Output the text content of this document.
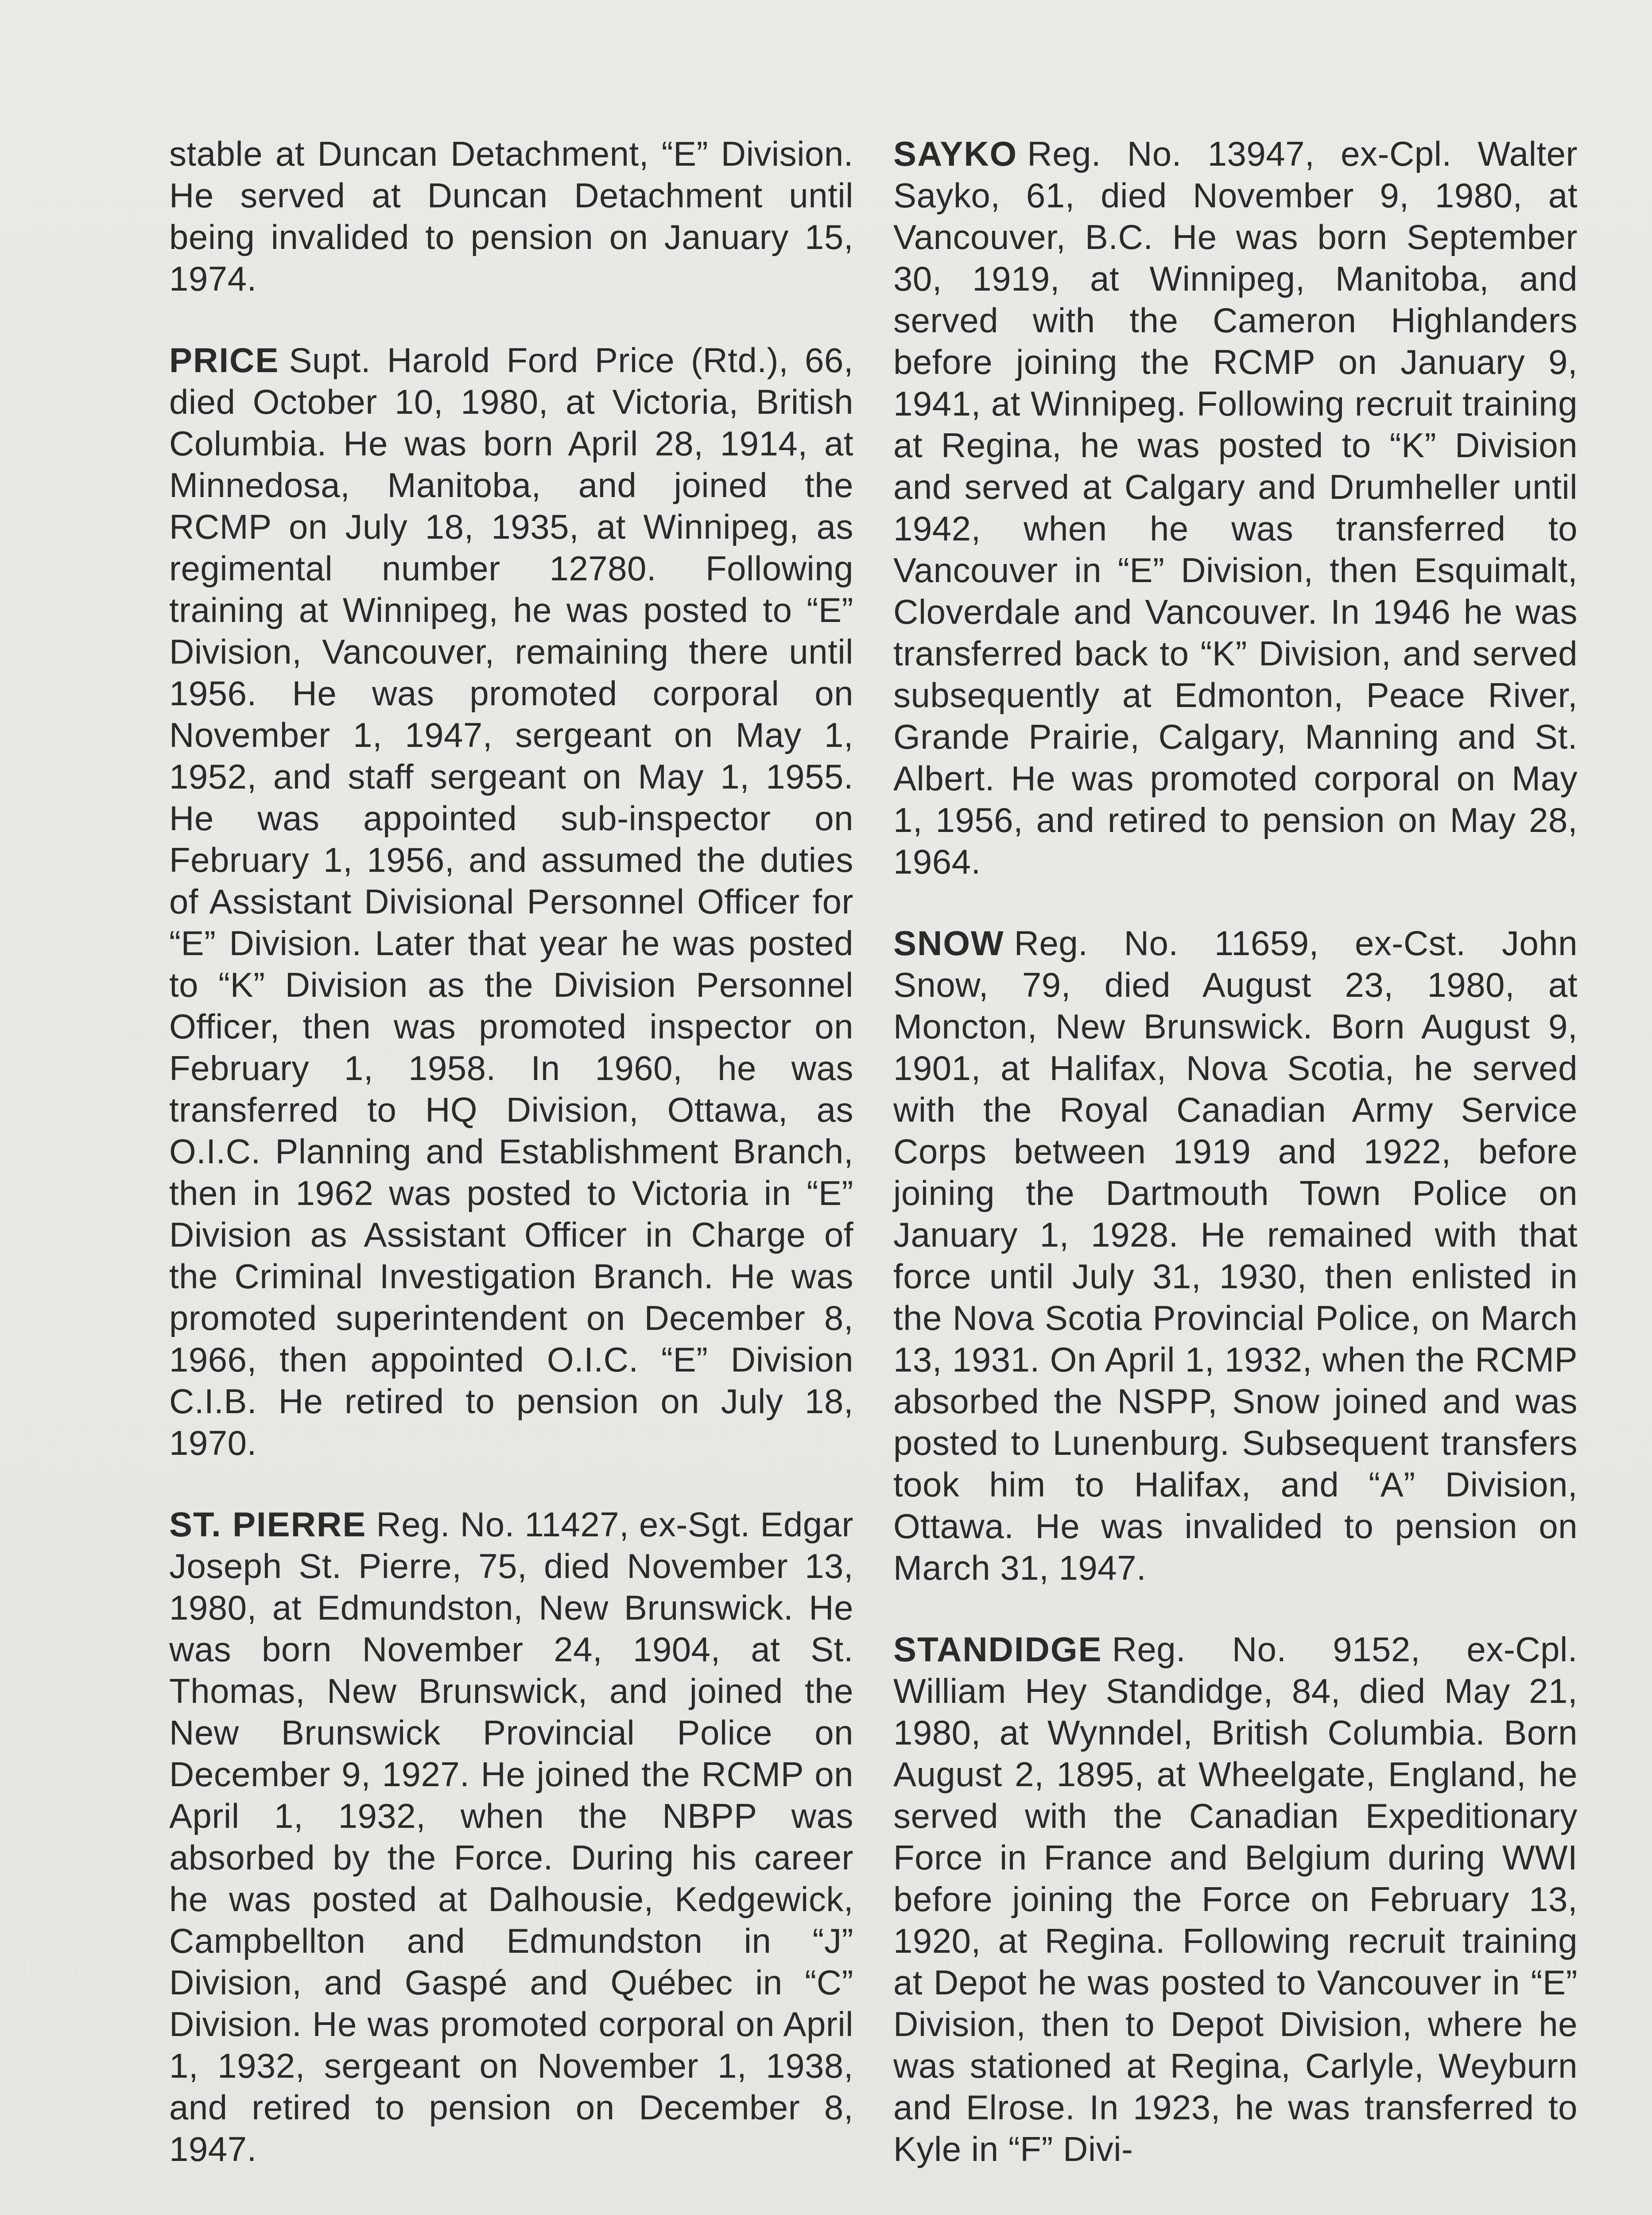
stable at Duncan Detachment, “E” Division. He served at Duncan Detachment until being invalided to pension on January 15, 1974.

PRICE Supt. Harold Ford Price (Rtd.), 66, died October 10, 1980, at Victoria, British Columbia. He was born April 28, 1914, at Minnedosa, Manitoba, and joined the RCMP on July 18, 1935, at Winnipeg, as regimental number 12780. Following training at Winnipeg, he was posted to “E” Division, Vancouver, remaining there until 1956. He was promoted corporal on November 1, 1947, sergeant on May 1, 1952, and staff sergeant on May 1, 1955. He was appointed sub-inspector on February 1, 1956, and assumed the duties of Assistant Divisional Personnel Officer for “E” Division. Later that year he was posted to “K” Division as the Division Personnel Officer, then was promoted inspector on February 1, 1958. In 1960, he was transferred to HQ Division, Ottawa, as O.I.C. Planning and Establishment Branch, then in 1962 was posted to Victoria in “E” Division as Assistant Officer in Charge of the Criminal Investigation Branch. He was promoted superintendent on December 8, 1966, then appointed O.I.C. “E” Division C.I.B. He retired to pension on July 18, 1970.

ST. PIERRE Reg. No. 11427, ex-Sgt. Edgar Joseph St. Pierre, 75, died November 13, 1980, at Edmundston, New Brunswick. He was born November 24, 1904, at St. Thomas, New Brunswick, and joined the New Brunswick Provincial Police on December 9, 1927. He joined the RCMP on April 1, 1932, when the NBPP was absorbed by the Force. During his career he was posted at Dalhousie, Kedgewick, Campbellton and Edmundston in “J” Division, and Gaspé and Québec in “C” Division. He was promoted corporal on April 1, 1932, sergeant on November 1, 1938, and retired to pension on December 8, 1947.

SAYKO Reg. No. 13947, ex-Cpl. Walter Sayko, 61, died November 9, 1980, at Vancouver, B.C. He was born September 30, 1919, at Winnipeg, Manitoba, and served with the Cameron Highlanders before joining the RCMP on January 9, 1941, at Winnipeg. Following recruit training at Regina, he was posted to “K” Division and served at Calgary and Drumheller until 1942, when he was transferred to Vancouver in “E” Division, then Esquimalt, Cloverdale and Vancouver. In 1946 he was transferred back to “K” Division, and served subsequently at Edmonton, Peace River, Grande Prairie, Calgary, Manning and St. Albert. He was promoted corporal on May 1, 1956, and retired to pension on May 28, 1964.

SNOW Reg. No. 11659, ex-Cst. John Snow, 79, died August 23, 1980, at Moncton, New Brunswick. Born August 9, 1901, at Halifax, Nova Scotia, he served with the Royal Canadian Army Service Corps between 1919 and 1922, before joining the Dartmouth Town Police on January 1, 1928. He remained with that force until July 31, 1930, then enlisted in the Nova Scotia Provincial Police, on March 13, 1931. On April 1, 1932, when the RCMP absorbed the NSPP, Snow joined and was posted to Lunenburg. Subsequent transfers took him to Halifax, and “A” Division, Ottawa. He was invalided to pension on March 31, 1947.

STANDIDGE Reg. No. 9152, ex-Cpl. William Hey Standidge, 84, died May 21, 1980, at Wynndel, British Columbia. Born August 2, 1895, at Wheelgate, England, he served with the Canadian Expeditionary Force in France and Belgium during WWI before joining the Force on February 13, 1920, at Regina. Following recruit training at Depot he was posted to Vancouver in “E” Division, then to Depot Division, where he was stationed at Regina, Carlyle, Weyburn and Elrose. In 1923, he was transferred to Kyle in “F” Divi-
